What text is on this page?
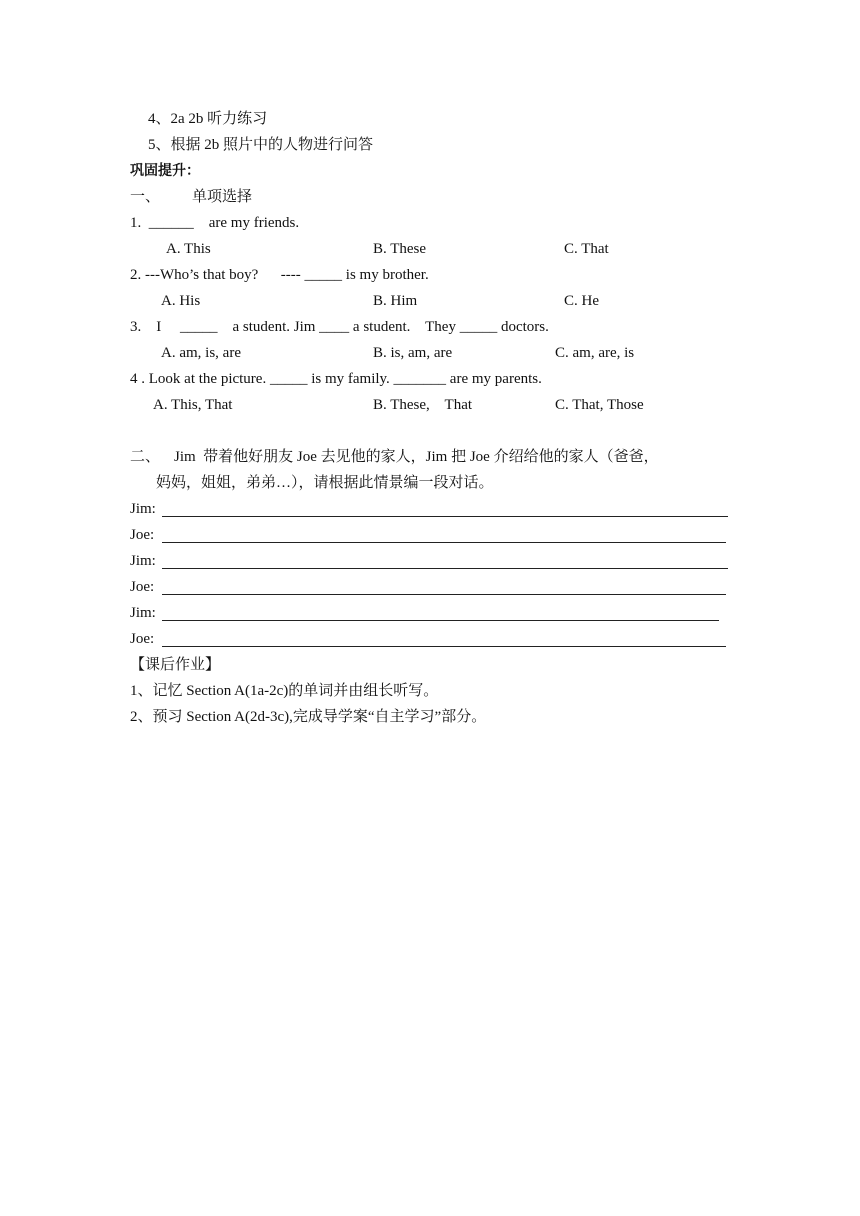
4、2a 2b 听力练习
5、根据 2b 照片中的人物进行问答
巩固提升：
一、 单项选择
1.  ______    are my friends.
A. This	B. These	C. That
2. ---Who’s that boy?      ---- _____ is my brother.
A. His	B. Him	C. He
3.    I     _____    a student. Jim ____ a student.    They _____ doctors.
A. am, is, are	B. is, am, are	C. am, are, is
4 . Look at the picture. _____ is my family. _______ are my parents.
A. This, That	B. These,    That	C. That, Those
二、 Jim  带着他好朋友 Joe 去见他的家人，Jim 把 Joe 介绍给他的家人（爸爸，
妈妈，姐姐，弟弟…），请根据此情景编一段对话。
Jim:
Joe:
Jim:
Joe:
Jim:
Joe:
【课后作业】
1、记忆 Section A(1a-2c)的单词并由组长听写。
2、预习 Section A(2d-3c),完成导学案“自主学习”部分。
